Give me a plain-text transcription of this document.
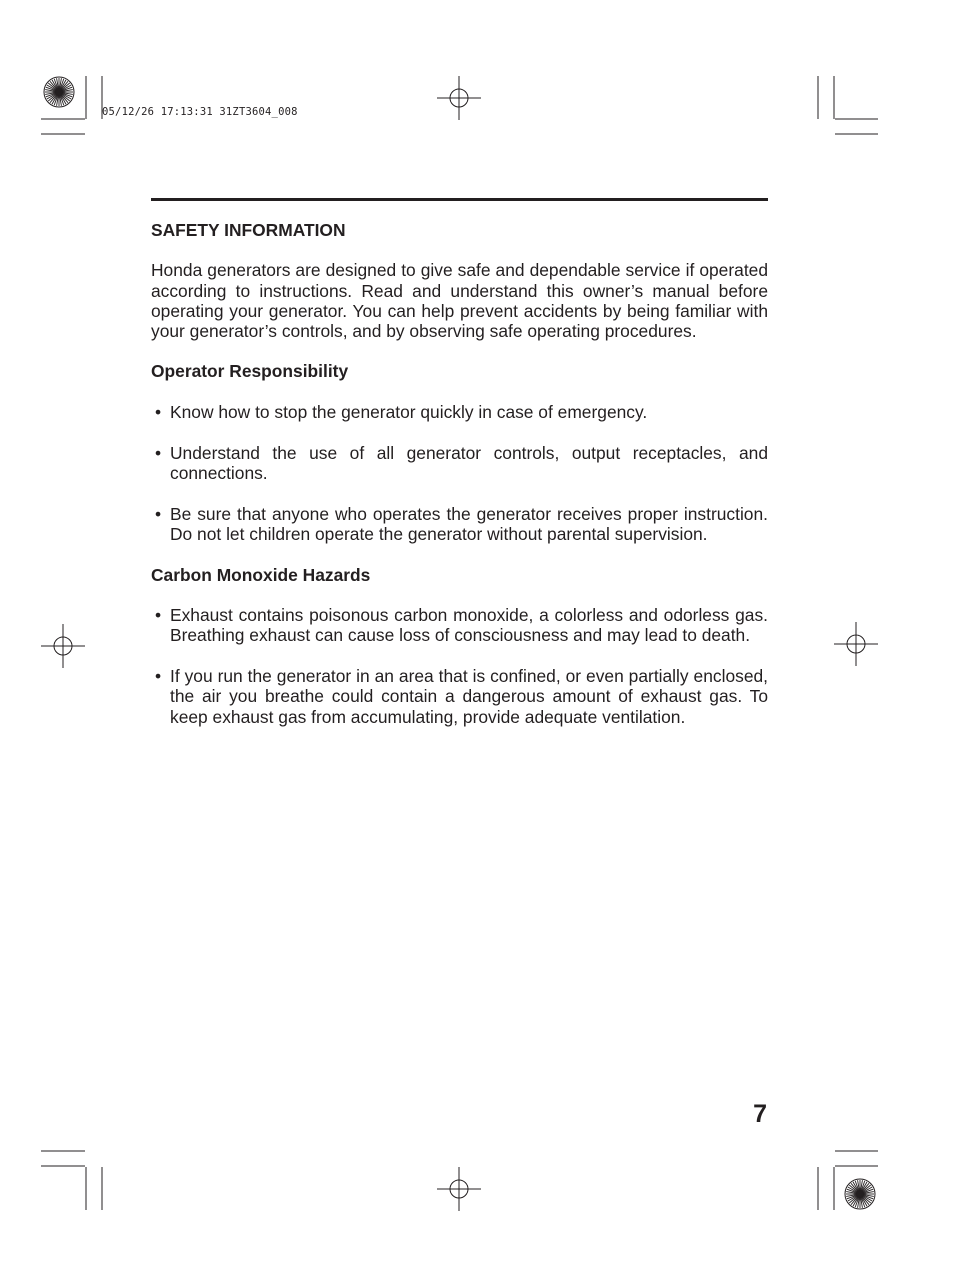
05/12/26 17:13:31 31ZT3604_008
SAFETY INFORMATION

Honda generators are designed to give safe and dependable service if operated according to instructions. Read and understand this owner’s manual before operating your generator. You can help prevent accidents by being familiar with your generator’s controls, and by observing safe operating procedures.

Operator Responsibility
• Know how to stop the generator quickly in case of emergency.
• Understand the use of all generator controls, output receptacles, and connections.
• Be sure that anyone who operates the generator receives proper instruction. Do not let children operate the generator without parental supervision.
Carbon Monoxide Hazards
• Exhaust contains poisonous carbon monoxide, a colorless and odorless gas. Breathing exhaust can cause loss of consciousness and may lead to death.
• If you run the generator in an area that is confined, or even partially enclosed, the air you breathe could contain a dangerous amount of exhaust gas. To keep exhaust gas from accumulating, provide adequate ventilation.
7
